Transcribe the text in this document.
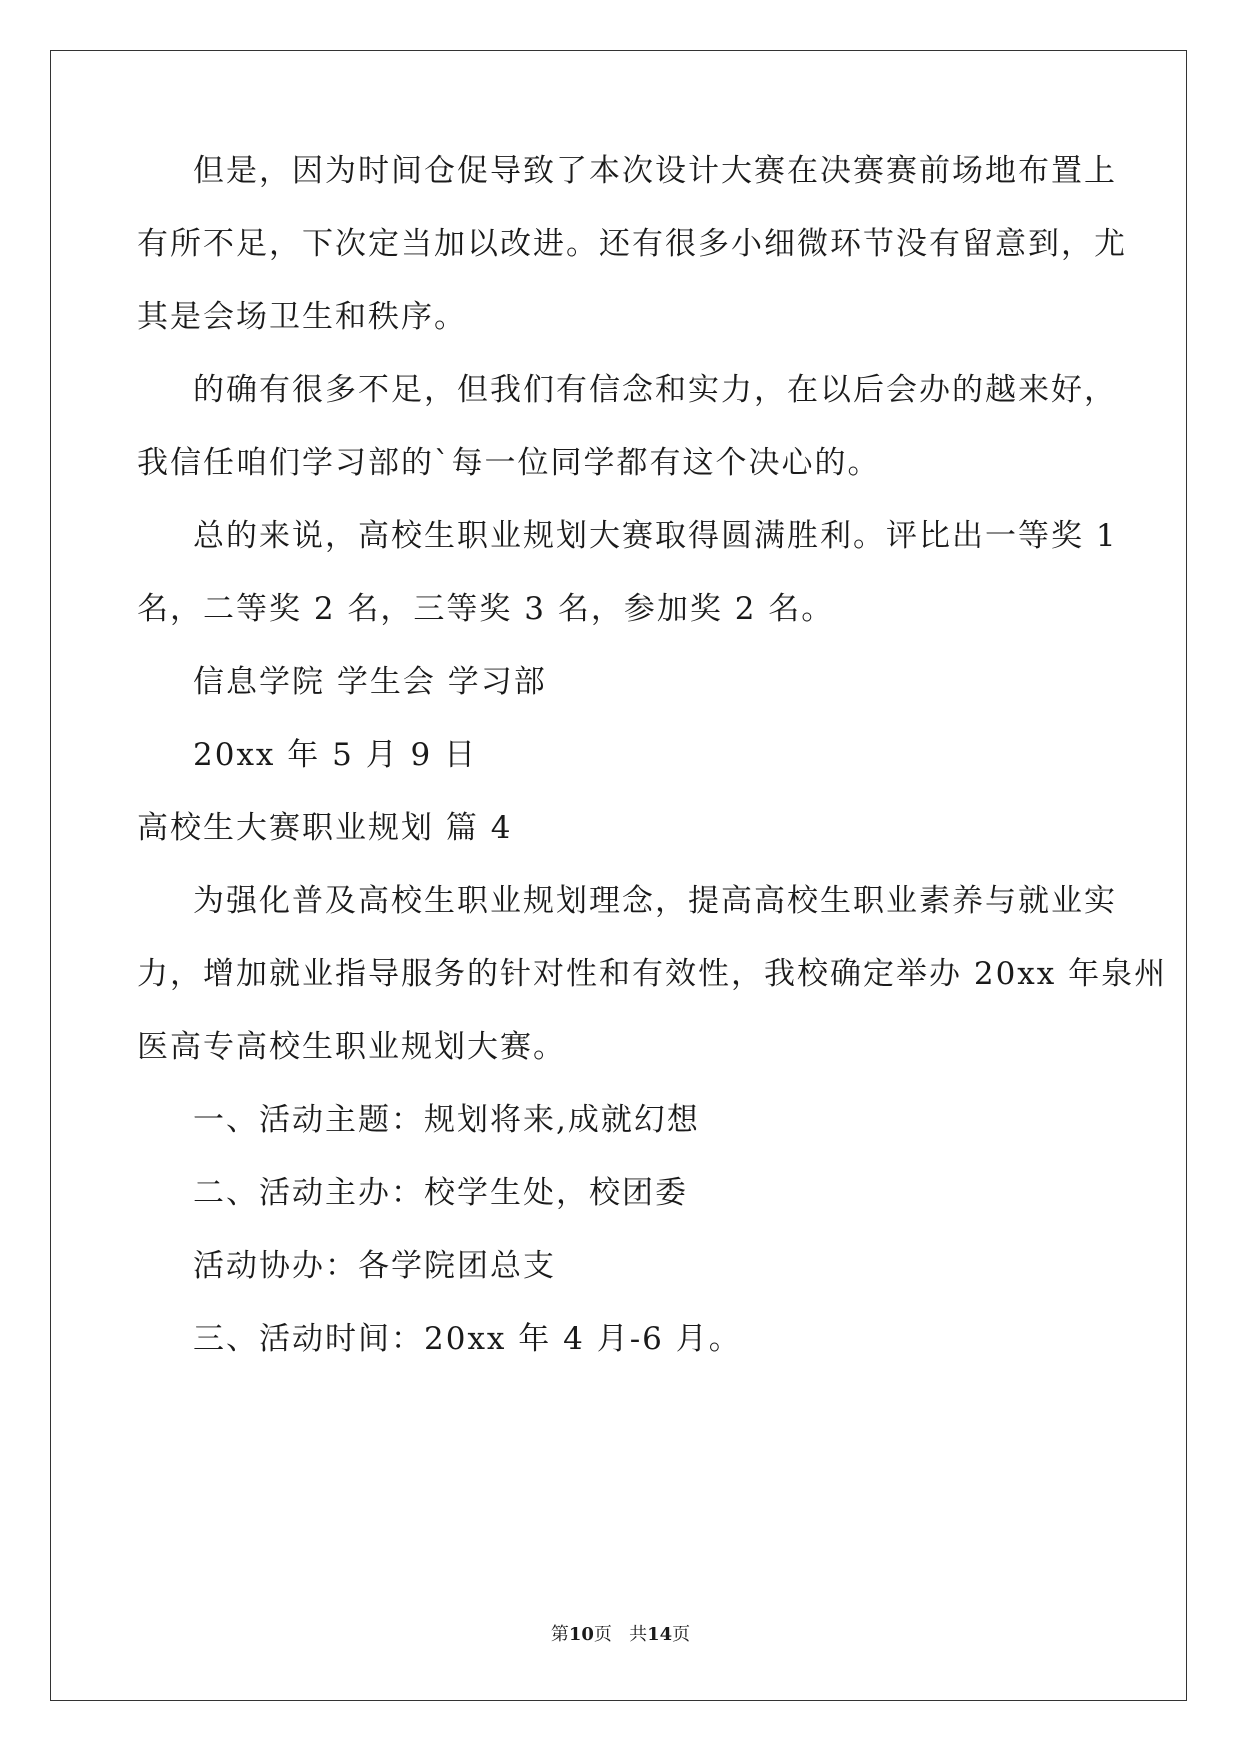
但是，因为时间仓促导致了本次设计大赛在决赛赛前场地布置上
有所不足，下次定当加以改进。还有很多小细微环节没有留意到，尤
其是会场卫生和秩序。
的确有很多不足，但我们有信念和实力，在以后会办的越来好，
我信任咱们学习部的`每一位同学都有这个决心的。
总的来说，高校生职业规划大赛取得圆满胜利。评比出一等奖 1
名，二等奖 2 名，三等奖 3 名，参加奖 2 名。
信息学院 学生会 学习部
20xx 年 5 月 9 日
高校生大赛职业规划 篇 4
为强化普及高校生职业规划理念，提高高校生职业素养与就业实
力，增加就业指导服务的针对性和有效性，我校确定举办 20xx 年泉州
医高专高校生职业规划大赛。
一、活动主题：规划将来,成就幻想
二、活动主办：校学生处，校团委
活动协办：各学院团总支
三、活动时间：20xx 年 4 月-6 月。
第10页   共14页
